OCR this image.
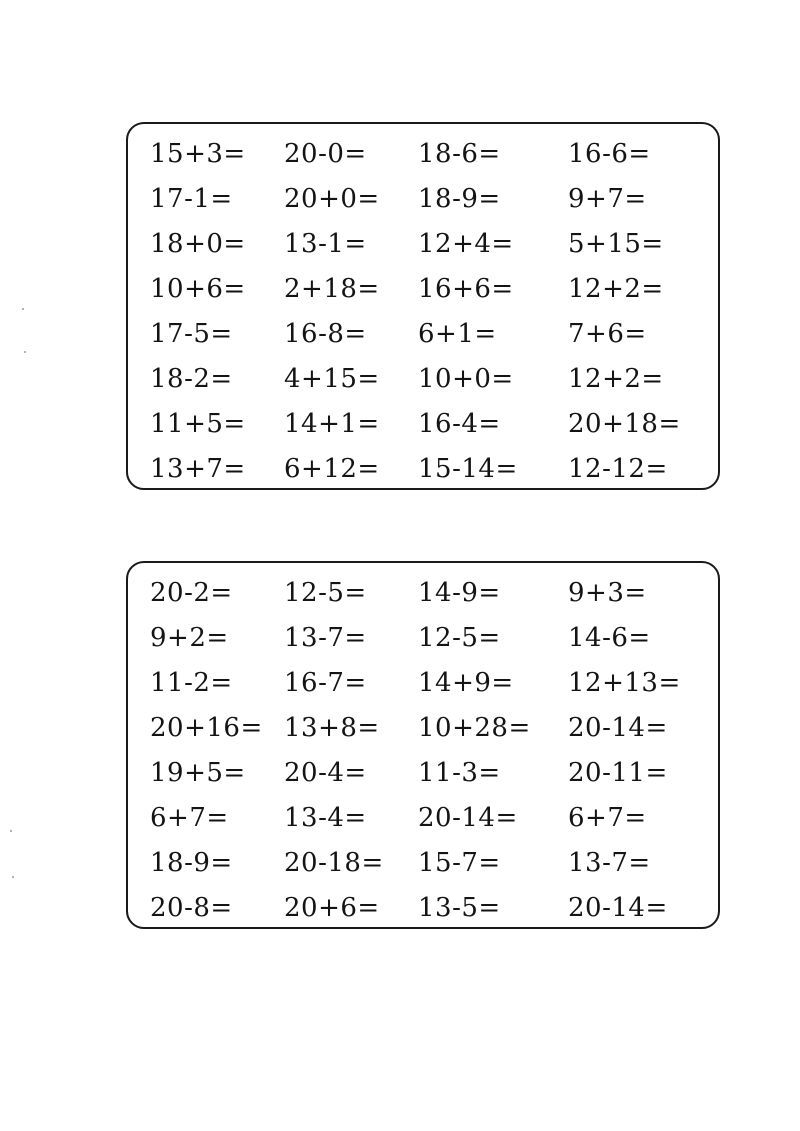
15+3= 20-0= 18-6=	16-6=
17-1= 20+0= 18-9=	9+7=
18+0= 13-1= 12+4= 5+15=
10+6= 2+18= 16+6= 12+2=
17-5= 16-8= 6+1=	7+6=
18-2= 4+15= 10+0= 12+2=
11+5= 14+1= 16-4=	20+18=
13+7= 6+12= 15-14= 12-12=
20-2= 12-5= 14-9=	9+3=
9+2= 13-7= 12-5=	14-6=
11-2= 16-7= 14+9= 12+13=
20+16= 13+8= 10+28= 20-14=
19+5= 20-4= 11-3=	20-11=
6+7= 13-4= 20-14= 6+7=
18-9= 20-18= 15-7=	13-7=
20-8= 20+6= 13-5=	20-14=
